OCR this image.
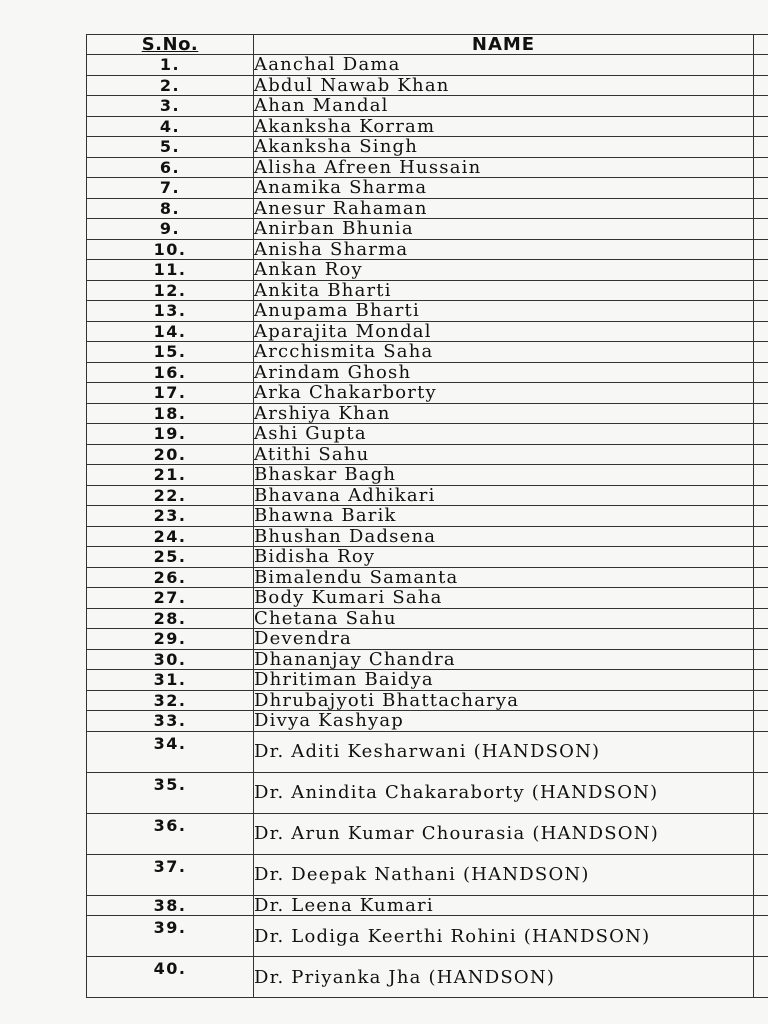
S.No.	NAME	
1.	Aanchal Dama	
2.	Abdul Nawab Khan	
3.	Ahan Mandal	
4.	Akanksha Korram	
5.	Akanksha Singh	
6.	Alisha Afreen Hussain	
7.	Anamika Sharma	
8.	Anesur Rahaman	
9.	Anirban Bhunia	
10.	Anisha Sharma	
11.	Ankan Roy	
12.	Ankita Bharti	
13.	Anupama Bharti	
14.	Aparajita Mondal	
15.	Arcchismita Saha	
16.	Arindam Ghosh	
17.	Arka Chakarborty	
18.	Arshiya Khan	
19.	Ashi Gupta	
20.	Atithi Sahu	
21.	Bhaskar Bagh	
22.	Bhavana Adhikari	
23.	Bhawna Barik	
24.	Bhushan Dadsena	
25.	Bidisha Roy	
26.	Bimalendu Samanta	
27.	Body Kumari Saha	
28.	Chetana Sahu	
29.	Devendra	
30.	Dhananjay Chandra	
31.	Dhritiman Baidya	
32.	Dhrubajyoti Bhattacharya	
33.	Divya Kashyap	
34.	Dr. Aditi Kesharwani (HANDSON)	
35.	Dr. Anindita Chakaraborty (HANDSON)	
36.	Dr. Arun Kumar Chourasia (HANDSON)	
37.	Dr. Deepak Nathani (HANDSON)	
38.	Dr. Leena Kumari	
39.	Dr. Lodiga Keerthi Rohini (HANDSON)	
40.	Dr. Priyanka Jha (HANDSON)	
